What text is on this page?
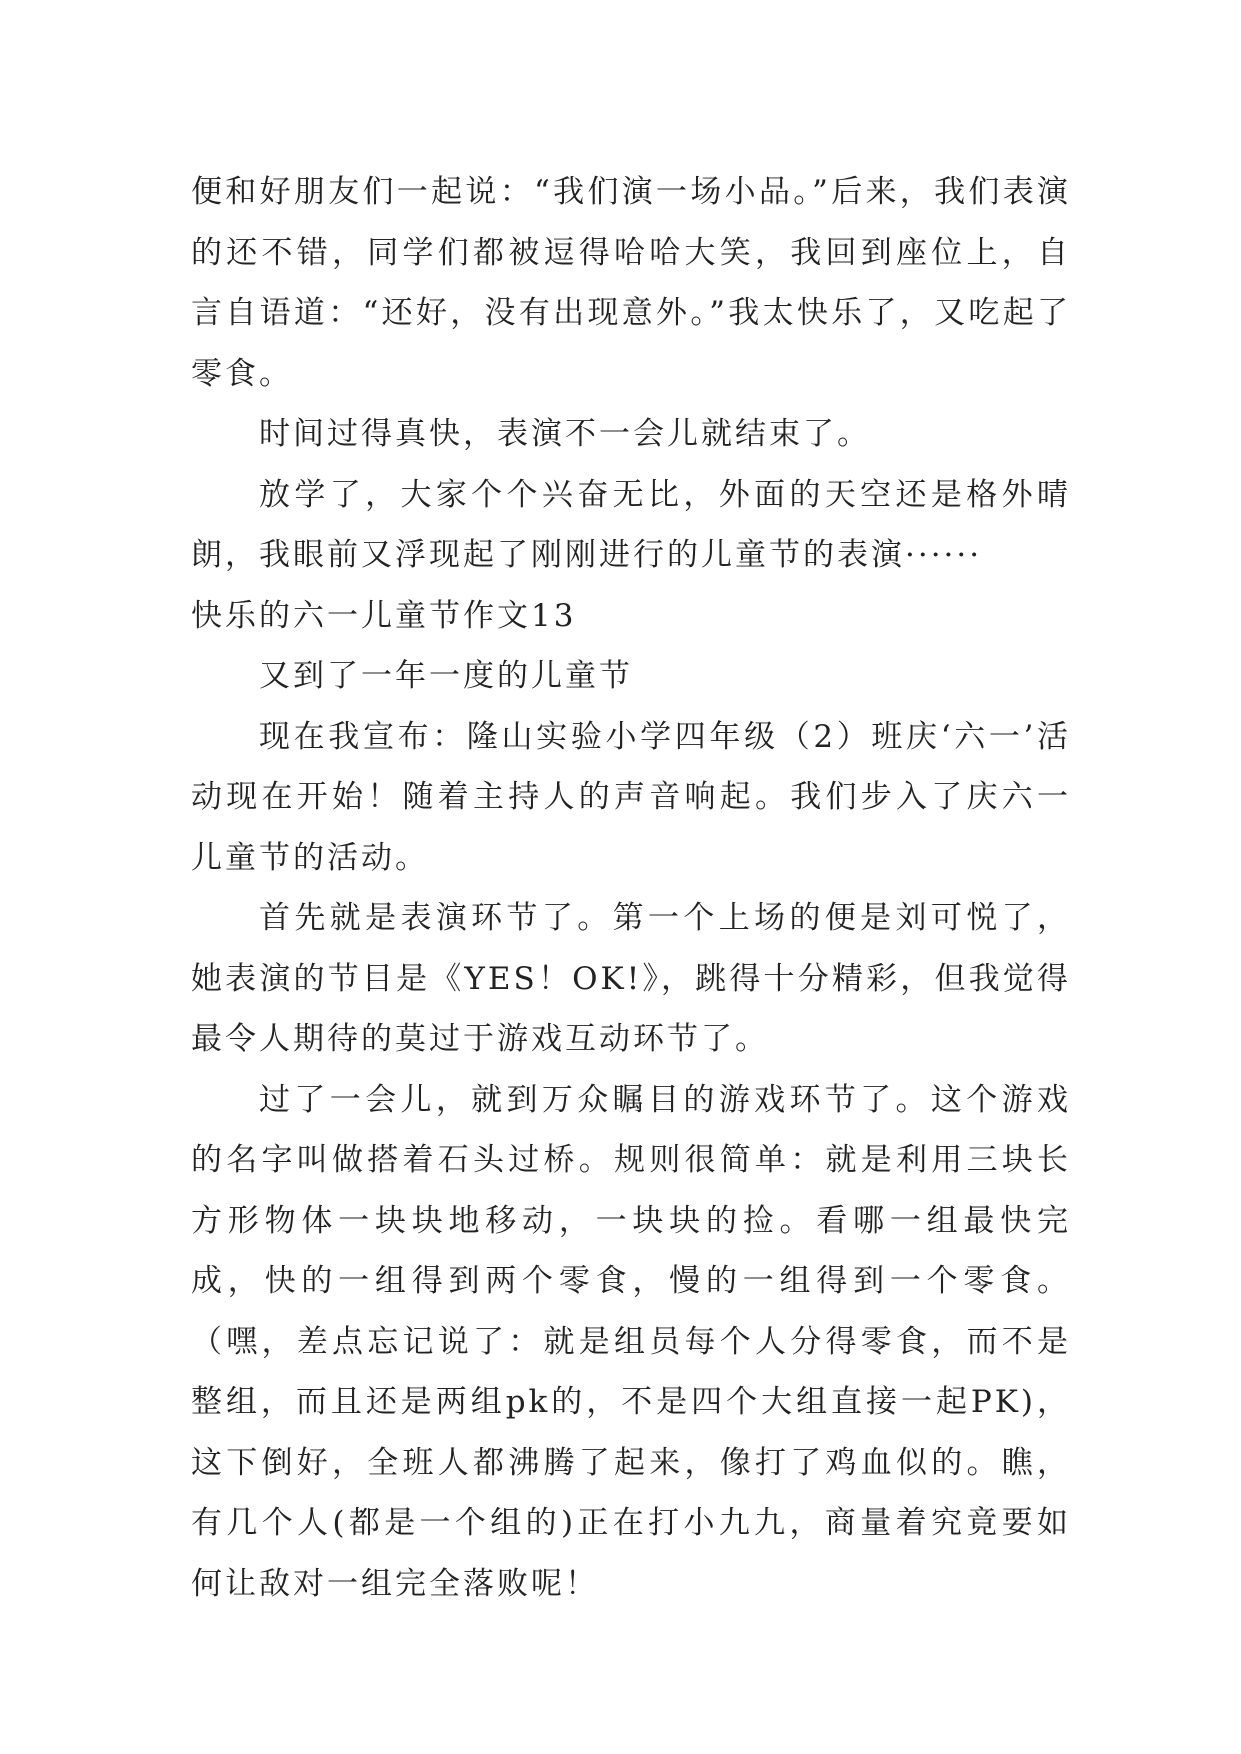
便和好朋友们一起说：“我们演一场小品。”后来，我们表演的还不错，同学们都被逗得哈哈大笑，我回到座位上，自言自语道：“还好，没有出现意外。”我太快乐了，又吃起了零食。

时间过得真快，表演不一会儿就结束了。

放学了，大家个个兴奋无比，外面的天空还是格外晴朗，我眼前又浮现起了刚刚进行的儿童节的表演······

快乐的六一儿童节作文13

又到了一年一度的儿童节

现在我宣布：隆山实验小学四年级（2）班庆‘六一’活动现在开始！随着主持人的声音响起。我们步入了庆六一儿童节的活动。

首先就是表演环节了。第一个上场的便是刘可悦了，她表演的节目是《YES！OK!》，跳得十分精彩，但我觉得最令人期待的莫过于游戏互动环节了。

过了一会儿，就到万众瞩目的游戏环节了。这个游戏的名字叫做搭着石头过桥。规则很简单：就是利用三块长方形物体一块块地移动，一块块的捡。看哪一组最快完成，快的一组得到两个零食，慢的一组得到一个零食。（嘿，差点忘记说了：就是组员每个人分得零食，而不是整组，而且还是两组pk的，不是四个大组直接一起PK)，这下倒好，全班人都沸腾了起来，像打了鸡血似的。瞧，有几个人(都是一个组的)正在打小九九，商量着究竟要如何让敌对一组完全落败呢！
